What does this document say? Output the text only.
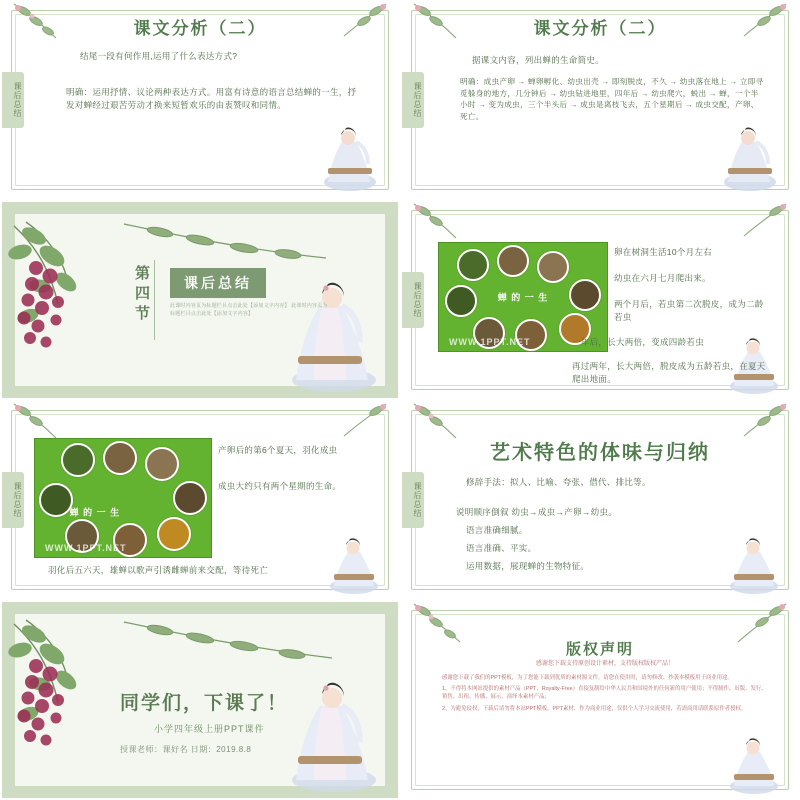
课后总结
课文分析（二）
结尾一段有何作用,运用了什么表达方式?
明确：运用抒情、议论两种表达方式。用富有诗意的语言总结蝉的一生，抒发对蝉经过艰苦劳动才换来短暂欢乐的由衷赞叹和同情。	课后总结
课文分析（二）
据课文内容，列出蝉的生命简史。
明确：成虫产卵 → 蝉卵孵化、幼虫出壳 → 即刻脱皮，不久 → 幼虫落在地上 → 立即寻觅躲身的地方，几分钟后 → 幼虫钻进地里，四年后 → 幼虫爬穴，蜕出 → 蝉，一个半小时 → 变为成虫，三个半头后 → 成虫是离枝飞去，五个星期后 → 成虫交配，产卵、死亡。
第
四
节
课后总结
此课时内容页为标题栏目点击此处【添加文字内容】 此课时内容页为标题栏目点击此处【添加文字内容】	课后总结	蝉 的 一 生
WWW.1PPT.NET
卵在树洞生活10个月左右
幼虫在六月七月爬出来。
两个月后，若虫第二次脱皮，成为二龄若虫
一年后，长大两倍，变成四龄若虫
再过两年，长大两倍，脱皮成为五龄若虫，在夏天爬出地面。
课后总结	蝉 的 一 生
WWW.1PPT.NET
产卵后的第6个夏天，羽化成虫
成虫大约只有两个星期的生命。
羽化后五六天，雄蝉以歌声引诱雌蝉前来交配，等待死亡
课后总结
艺术特色的体味与归纳
修辞手法：拟人、比喻、夸张、借代、排比等。
说明顺序倒叙 幼虫→成虫→产卵→幼虫。
语言准确细腻。
语言准确、平实。
运用数据，展现蝉的生物特征。
同学们，下课了！
小学四年级上册PPT课件
授课老师：课好名 日期：2019.8.8
版权声明
感谢您下载支持原创设计素材，支持版权版权产品！

感谢您下载了我们的PPT模板，为了您能下载到优质的素材源文件，请您在使用时，请勿修改、抄袭本模板用于商业用途。

1、不得将本网站提供的素材产品（PPT、Royalty-Free）直接复制给中华人民共和国境外的任何新的用户使用；不得制作、出版、发行、销售、出租、传播、展示、演绎本素材产品；

2、为避免侵权，下载后请勿将本站PPT模板、PPT素材、作为商业用途，仅供个人学习交流使用，若需商用请联系原作者授权。
